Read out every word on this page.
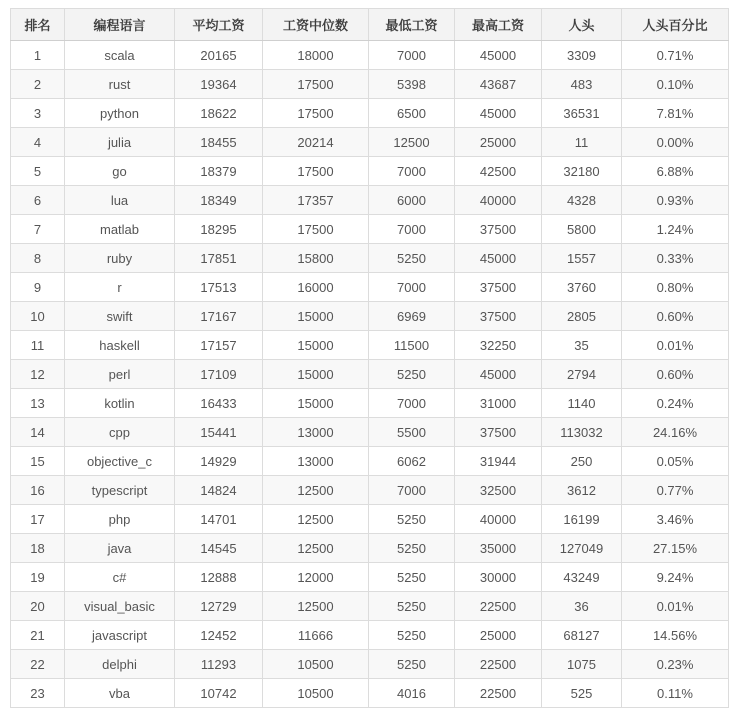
排名	编程语言	平均工资	工资中位数	最低工资	最高工资	人头	人头百分比
1	scala	20165	18000	7000	45000	3309	0.71%
2	rust	19364	17500	5398	43687	483	0.10%
3	python	18622	17500	6500	45000	36531	7.81%
4	julia	18455	20214	12500	25000	11	0.00%
5	go	18379	17500	7000	42500	32180	6.88%
6	lua	18349	17357	6000	40000	4328	0.93%
7	matlab	18295	17500	7000	37500	5800	1.24%
8	ruby	17851	15800	5250	45000	1557	0.33%
9	r	17513	16000	7000	37500	3760	0.80%
10	swift	17167	15000	6969	37500	2805	0.60%
11	haskell	17157	15000	11500	32250	35	0.01%
12	perl	17109	15000	5250	45000	2794	0.60%
13	kotlin	16433	15000	7000	31000	1140	0.24%
14	cpp	15441	13000	5500	37500	113032	24.16%
15	objective_c	14929	13000	6062	31944	250	0.05%
16	typescript	14824	12500	7000	32500	3612	0.77%
17	php	14701	12500	5250	40000	16199	3.46%
18	java	14545	12500	5250	35000	127049	27.15%
19	c#	12888	12000	5250	30000	43249	9.24%
20	visual_basic	12729	12500	5250	22500	36	0.01%
21	javascript	12452	11666	5250	25000	68127	14.56%
22	delphi	11293	10500	5250	22500	1075	0.23%
23	vba	10742	10500	4016	22500	525	0.11%
